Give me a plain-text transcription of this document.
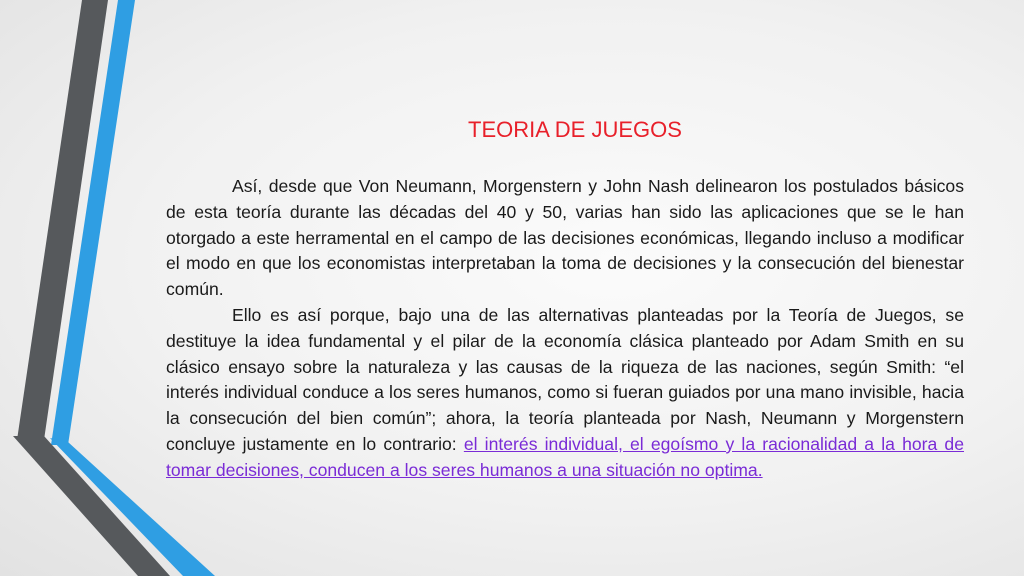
TEORIA DE JUEGOS

Así, desde que Von Neumann, Morgenstern y John Nash delinearon los postulados básicos de esta teoría durante las décadas del 40 y 50, varias han sido las aplicaciones que se le han otorgado a este herramental en el campo de las decisiones económicas, llegando incluso a modificar el modo en que los economistas interpretaban la toma de decisiones y la consecución del bienestar común.

Ello es así porque, bajo una de las alternativas planteadas por la Teoría de Juegos, se destituye la idea fundamental y el pilar de la economía clásica planteado por Adam Smith en su clásico ensayo sobre la naturaleza y las causas de la riqueza de las naciones, según Smith: “el interés individual conduce a los seres humanos, como si fueran guiados por una mano invisible, hacia la consecución del bien común”; ahora, la teoría planteada por Nash, Neumann y Morgenstern concluye justamente en lo contrario: el interés individual, el egoísmo y la racionalidad a la hora de tomar decisiones, conducen a los seres humanos a una situación no optima.
